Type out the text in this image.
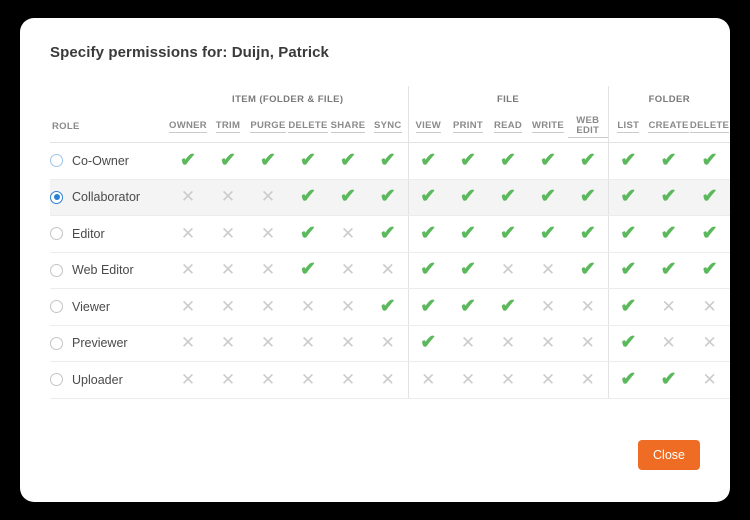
Specify permissions for: Duijn, Patrick
	ITEM (FOLDER & FILE)						FILE					FOLDER		
ROLE	OWNER	TRIM	PURGE	DELETE	SHARE	SYNC	VIEW	PRINT	READ	WRITE	WEB EDIT	LIST	CREATE	DELETE
Co-Owner	✔	✔	✔	✔	✔	✔	✔	✔	✔	✔	✔	✔	✔	✔
Collaborator	✕	✕	✕	✔	✔	✔	✔	✔	✔	✔	✔	✔	✔	✔
Editor	✕	✕	✕	✔	✕	✔	✔	✔	✔	✔	✔	✔	✔	✔
Web Editor	✕	✕	✕	✔	✕	✕	✔	✔	✕	✕	✔	✔	✔	✔
Viewer	✕	✕	✕	✕	✕	✔	✔	✔	✔	✕	✕	✔	✕	✕
Previewer	✕	✕	✕	✕	✕	✕	✔	✕	✕	✕	✕	✔	✕	✕
Uploader	✕	✕	✕	✕	✕	✕	✕	✕	✕	✕	✕	✔	✔	✕
Close
